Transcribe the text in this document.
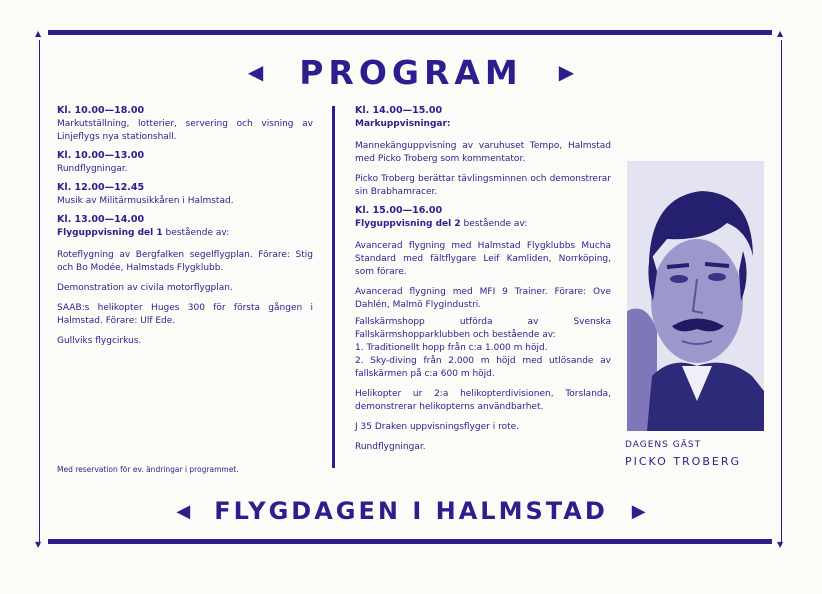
▲
▼
▲
▼
◀ PROGRAM ▶

Kl. 10.00—18.00
Markutställning, lotterier, servering och visning av Linjeflygs nya stationshall.

Kl. 10.00—13.00
Rundflygningar.

Kl. 12.00—12.45
Musik av Militärmusikkåren i Halmstad.

Kl. 13.00—14.00
Flyguppvisning del 1 bestående av:

Roteflygning av Bergfalken segelflygplan. Förare: Stig och Bo Modée, Halmstads Flygklubb.

Demonstration av civila motorflygplan.

SAAB:s helikopter Huges 300 för första gången i Halmstad. Förare: Ulf Ede.

Gullviks flygcirkus.

Med reservation för ev. ändringar i programmet.

Kl. 14.00—15.00
Markuppvisningar:

Mannekänguppvisning av varuhuset Tempo, Halmstad med Picko Troberg som kommentator.

Picko Troberg berättar tävlingsminnen och demonstrerar sin Brabhamracer.

Kl. 15.00—16.00
Flyguppvisning del 2 bestående av:

Avancerad flygning med Halmstad Flygklubbs Mucha Standard med fältflygare Leif Kamliden, Norrköping, som förare.

Avancerad flygning med MFI 9 Trainer. Förare: Ove Dahlén, Malmö Flygindustri.

Fallskärmshopp utförda av Svenska Fallskärmshopparklubben och bestående av:

1. Traditionellt hopp från c:a 1.000 m höjd.

2. Sky-diving från 2.000 m höjd med utlösande av fallskärmen på c:a 600 m höjd.

Helikopter ur 2:a helikopterdivisionen, Torslanda, demonstrerar helikopterns användbarhet.

J 35 Draken uppvisningsflyger i rote.

Rundflygningar.	DAGENS GÄST
PICKO TROBERG
◀ FLYGDAGEN I HALMSTAD ▶
